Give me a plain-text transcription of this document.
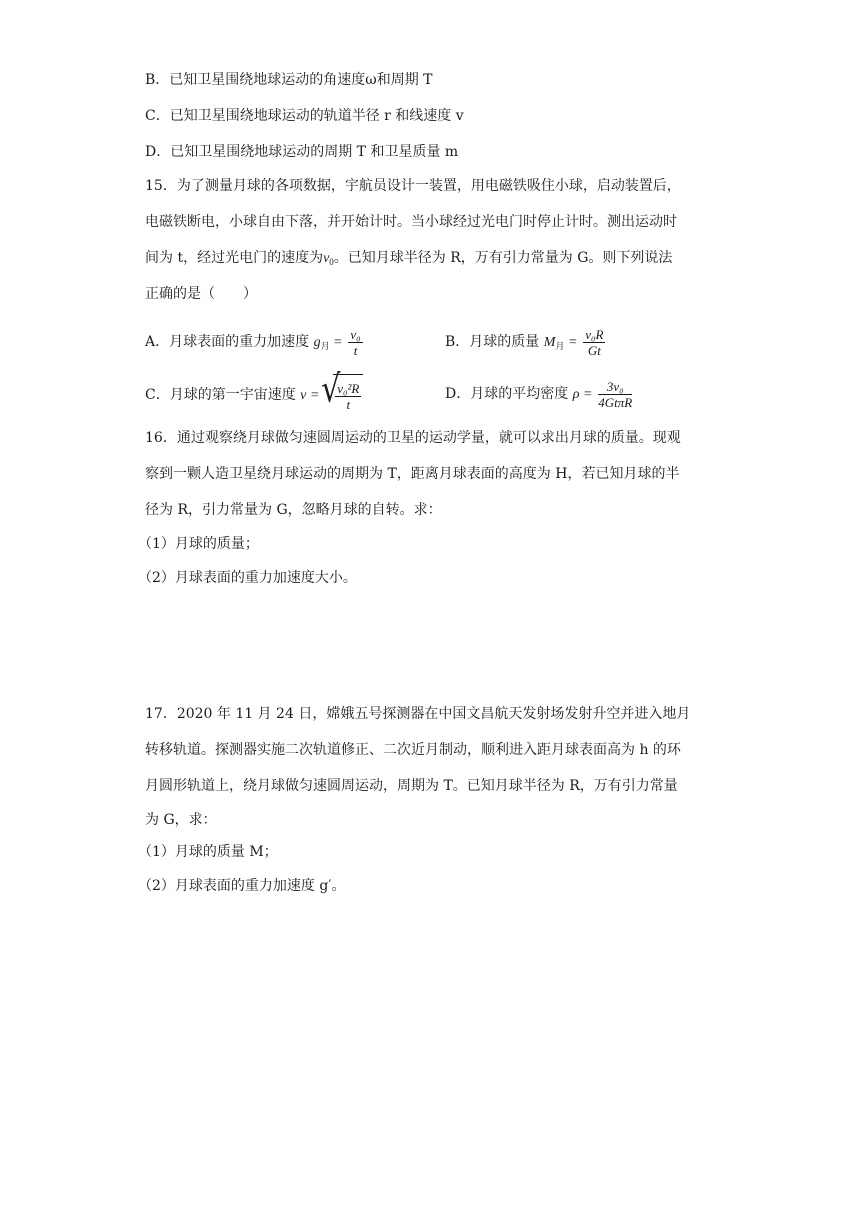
B．已知卫星围绕地球运动的角速度ω和周期 T
C．已知卫星围绕地球运动的轨道半径 r 和线速度 v
D．已知卫星围绕地球运动的周期 T 和卫星质量 m
15．为了测量月球的各项数据，宇航员设计一装置，用电磁铁吸住小球，启动装置后，
电磁铁断电，小球自由下落，并开始计时。当小球经过光电门时停止计时。测出运动时
间为 t，经过光电门的速度为$v_0$。已知月球半径为 R，万有引力常量为 G。则下列说法
正确的是（　　）
A．月球表面的重力加速度 $g_月 = \frac{\text{v₀}}{t}$	B．月球的质量 $M_月 = \frac{\text{v₀R}}{Gt}$
C．月球的第一宇宙速度 v =
√ $\frac{\text{v₀²R}}{t}$	D．月球的平均密度 $\rho = \frac{\text{3v₀}}{\text{4GtπR}}$
16．通过观察绕月球做匀速圆周运动的卫星的运动学量，就可以求出月球的质量。现观
察到一颗人造卫星绕月球运动的周期为 T，距离月球表面的高度为 H，若已知月球的半
径为 R，引力常量为 G，忽略月球的自转。求：
（1）月球的质量；
（2）月球表面的重力加速度大小。
17．2020 年 11 月 24 日，嫦娥五号探测器在中国文昌航天发射场发射升空并进入地月
转移轨道。探测器实施二次轨道修正、二次近月制动，顺利进入距月球表面高为 h 的环
月圆形轨道上，绕月球做匀速圆周运动，周期为 T。已知月球半径为 R，万有引力常量
为 G，求：
（1）月球的质量 M；
（2）月球表面的重力加速度 g′。
